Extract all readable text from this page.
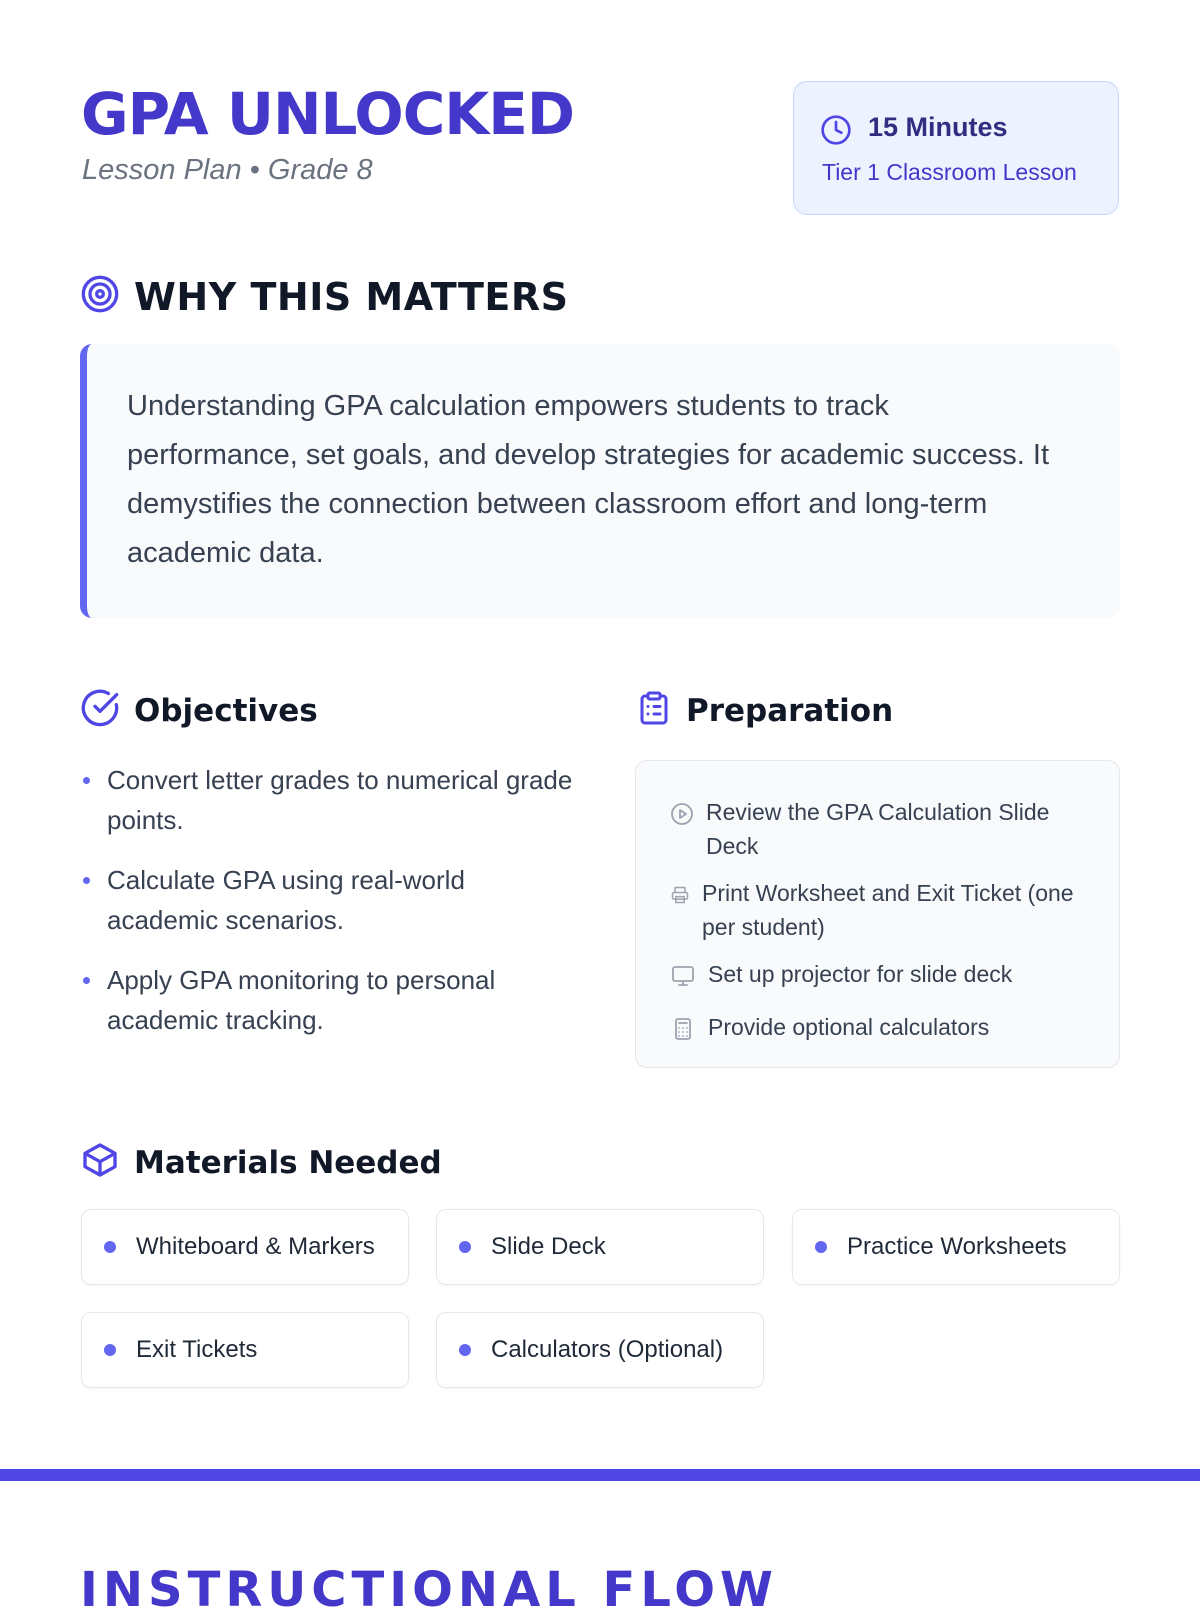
GPA UNLOCKED
Lesson Plan • Grade 8
15 Minutes
Tier 1 Classroom Lesson
WHY THIS MATTERS

Understanding GPA calculation empowers students to track performance, set goals, and develop strategies for academic success. It demystifies the connection between classroom effort and long-term academic data.

Objectives
Convert letter grades to numerical grade points.
Calculate GPA using real-world academic scenarios.
Apply GPA monitoring to personal academic tracking.
Preparation
Review the GPA Calculation Slide Deck
Print Worksheet and Exit Ticket (one per student)
Set up projector for slide deck
Provide optional calculators
Materials Needed
Whiteboard & Markers	Slide Deck	Practice Worksheets
Exit Tickets	Calculators (Optional)
INSTRUCTIONAL FLOW
